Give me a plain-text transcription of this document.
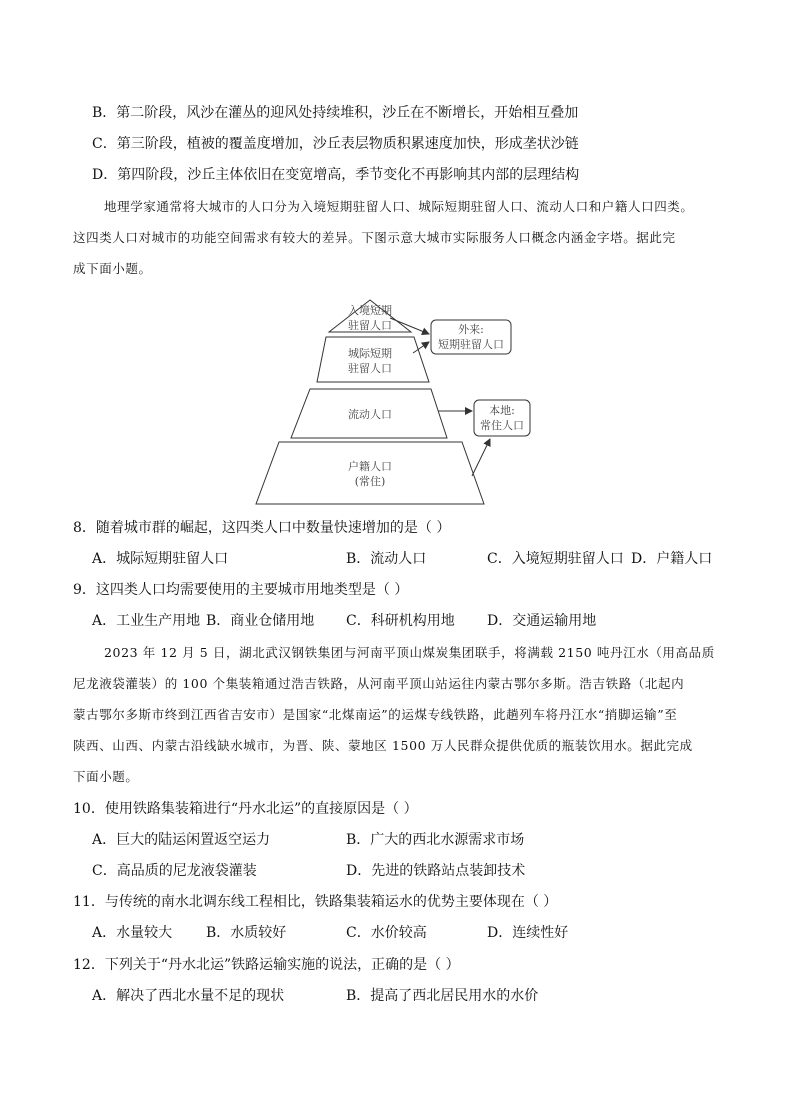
B．第二阶段，风沙在灌丛的迎风处持续堆积，沙丘在不断增长，开始相互叠加
C．第三阶段，植被的覆盖度增加，沙丘表层物质积累速度加快，形成垄状沙链
D．第四阶段，沙丘主体依旧在变宽增高，季节变化不再影响其内部的层理结构
地理学家通常将大城市的人口分为入境短期驻留人口、城际短期驻留人口、流动人口和户籍人口四类。
这四类人口对城市的功能空间需求有较大的差异。下图示意大城市实际服务人口概念内涵金字塔。据此完
成下面小题。
入境短期
驻留人口
城际短期
驻留人口
流动人口
户籍人口
(常住)
外来:
短期驻留人口
本地:
常住人口
8．随着城市群的崛起，这四类人口中数量快速增加的是（ ）
A．城际短期驻留人口	B．流动人口	C．入境短期驻留人口 D．户籍人口
9．这四类人口均需要使用的主要城市用地类型是（ ）
A．工业生产用地 B．商业仓储用地 C．科研机构用地 D．交通运输用地
2023 年 12 月 5 日，湖北武汉钢铁集团与河南平顶山煤炭集团联手，将满载 2150 吨丹江水（用高品质
尼龙液袋灌装）的 100 个集装箱通过浩吉铁路，从河南平顶山站运往内蒙古鄂尔多斯。浩吉铁路（北起内
蒙古鄂尔多斯市终到江西省吉安市）是国家“北煤南运”的运煤专线铁路，此趟列车将丹江水“捎脚运输”至
陕西、山西、内蒙古沿线缺水城市，为晋、陕、蒙地区 1500 万人民群众提供优质的瓶装饮用水。据此完成
下面小题。
10．使用铁路集装箱进行“丹水北运”的直接原因是（ ）
A．巨大的陆运闲置返空运力	B．广大的西北水源需求市场
C．高品质的尼龙液袋灌装	D．先进的铁路站点装卸技术
11．与传统的南水北调东线工程相比，铁路集装箱运水的优势主要体现在（ ）
A．水量较大 B．水质较好	C．水价较高	D．连续性好
12．下列关于“丹水北运”铁路运输实施的说法，正确的是（ ）
A．解决了西北水量不足的现状	B．提高了西北居民用水的水价
